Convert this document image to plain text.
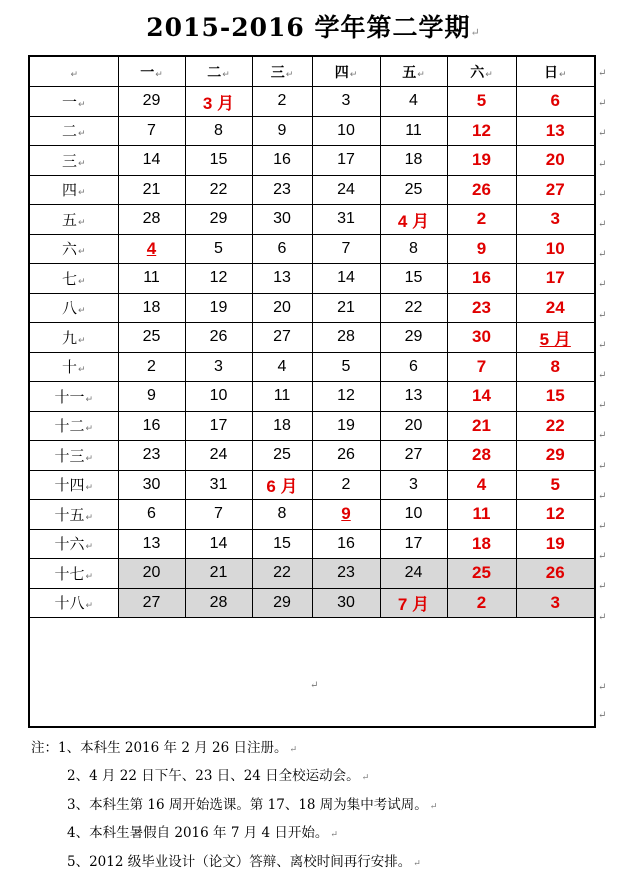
2015-2016 学年第二学期↵
↵	一↵	二↵	三↵	四↵	五↵	六↵	日↵
一↵	29	3 月	2	3	4	5	6
二↵	7	8	9	10	11	12	13
三↵	14	15	16	17	18	19	20
四↵	21	22	23	24	25	26	27
五↵	28	29	30	31	4 月	2	3
六↵	4	5	6	7	8	9	10
七↵	11	12	13	14	15	16	17
八↵	18	19	20	21	22	23	24
九↵	25	26	27	28	29	30	5 月
十↵	2	3	4	5	6	7	8
十一↵	9	10	11	12	13	14	15
十二↵	16	17	18	19	20	21	22
十三↵	23	24	25	26	27	28	29
十四↵	30	31	6 月	2	3	4	5
十五↵	6	7	8	9	10	11	12
十六↵	13	14	15	16	17	18	19
十七↵	20	21	22	23	24	25	26
十八↵	27	28	29	30	7 月	2	3
↵
↵
↵
↵
↵
↵
↵
↵
↵
↵
↵
↵
↵
↵
↵
↵
↵
↵
↵
↵
↵
↵
注：1、本科生 2016 年 2 月 26 日注册。 ↵
2、4 月 22 日下午、23 日、24 日全校运动会。 ↵
3、本科生第 16 周开始选课。第 17、18 周为集中考试周。 ↵
4、本科生暑假自 2016 年 7 月 4 日开始。 ↵
5、2012 级毕业设计（论文）答辩、离校时间再行安排。 ↵
